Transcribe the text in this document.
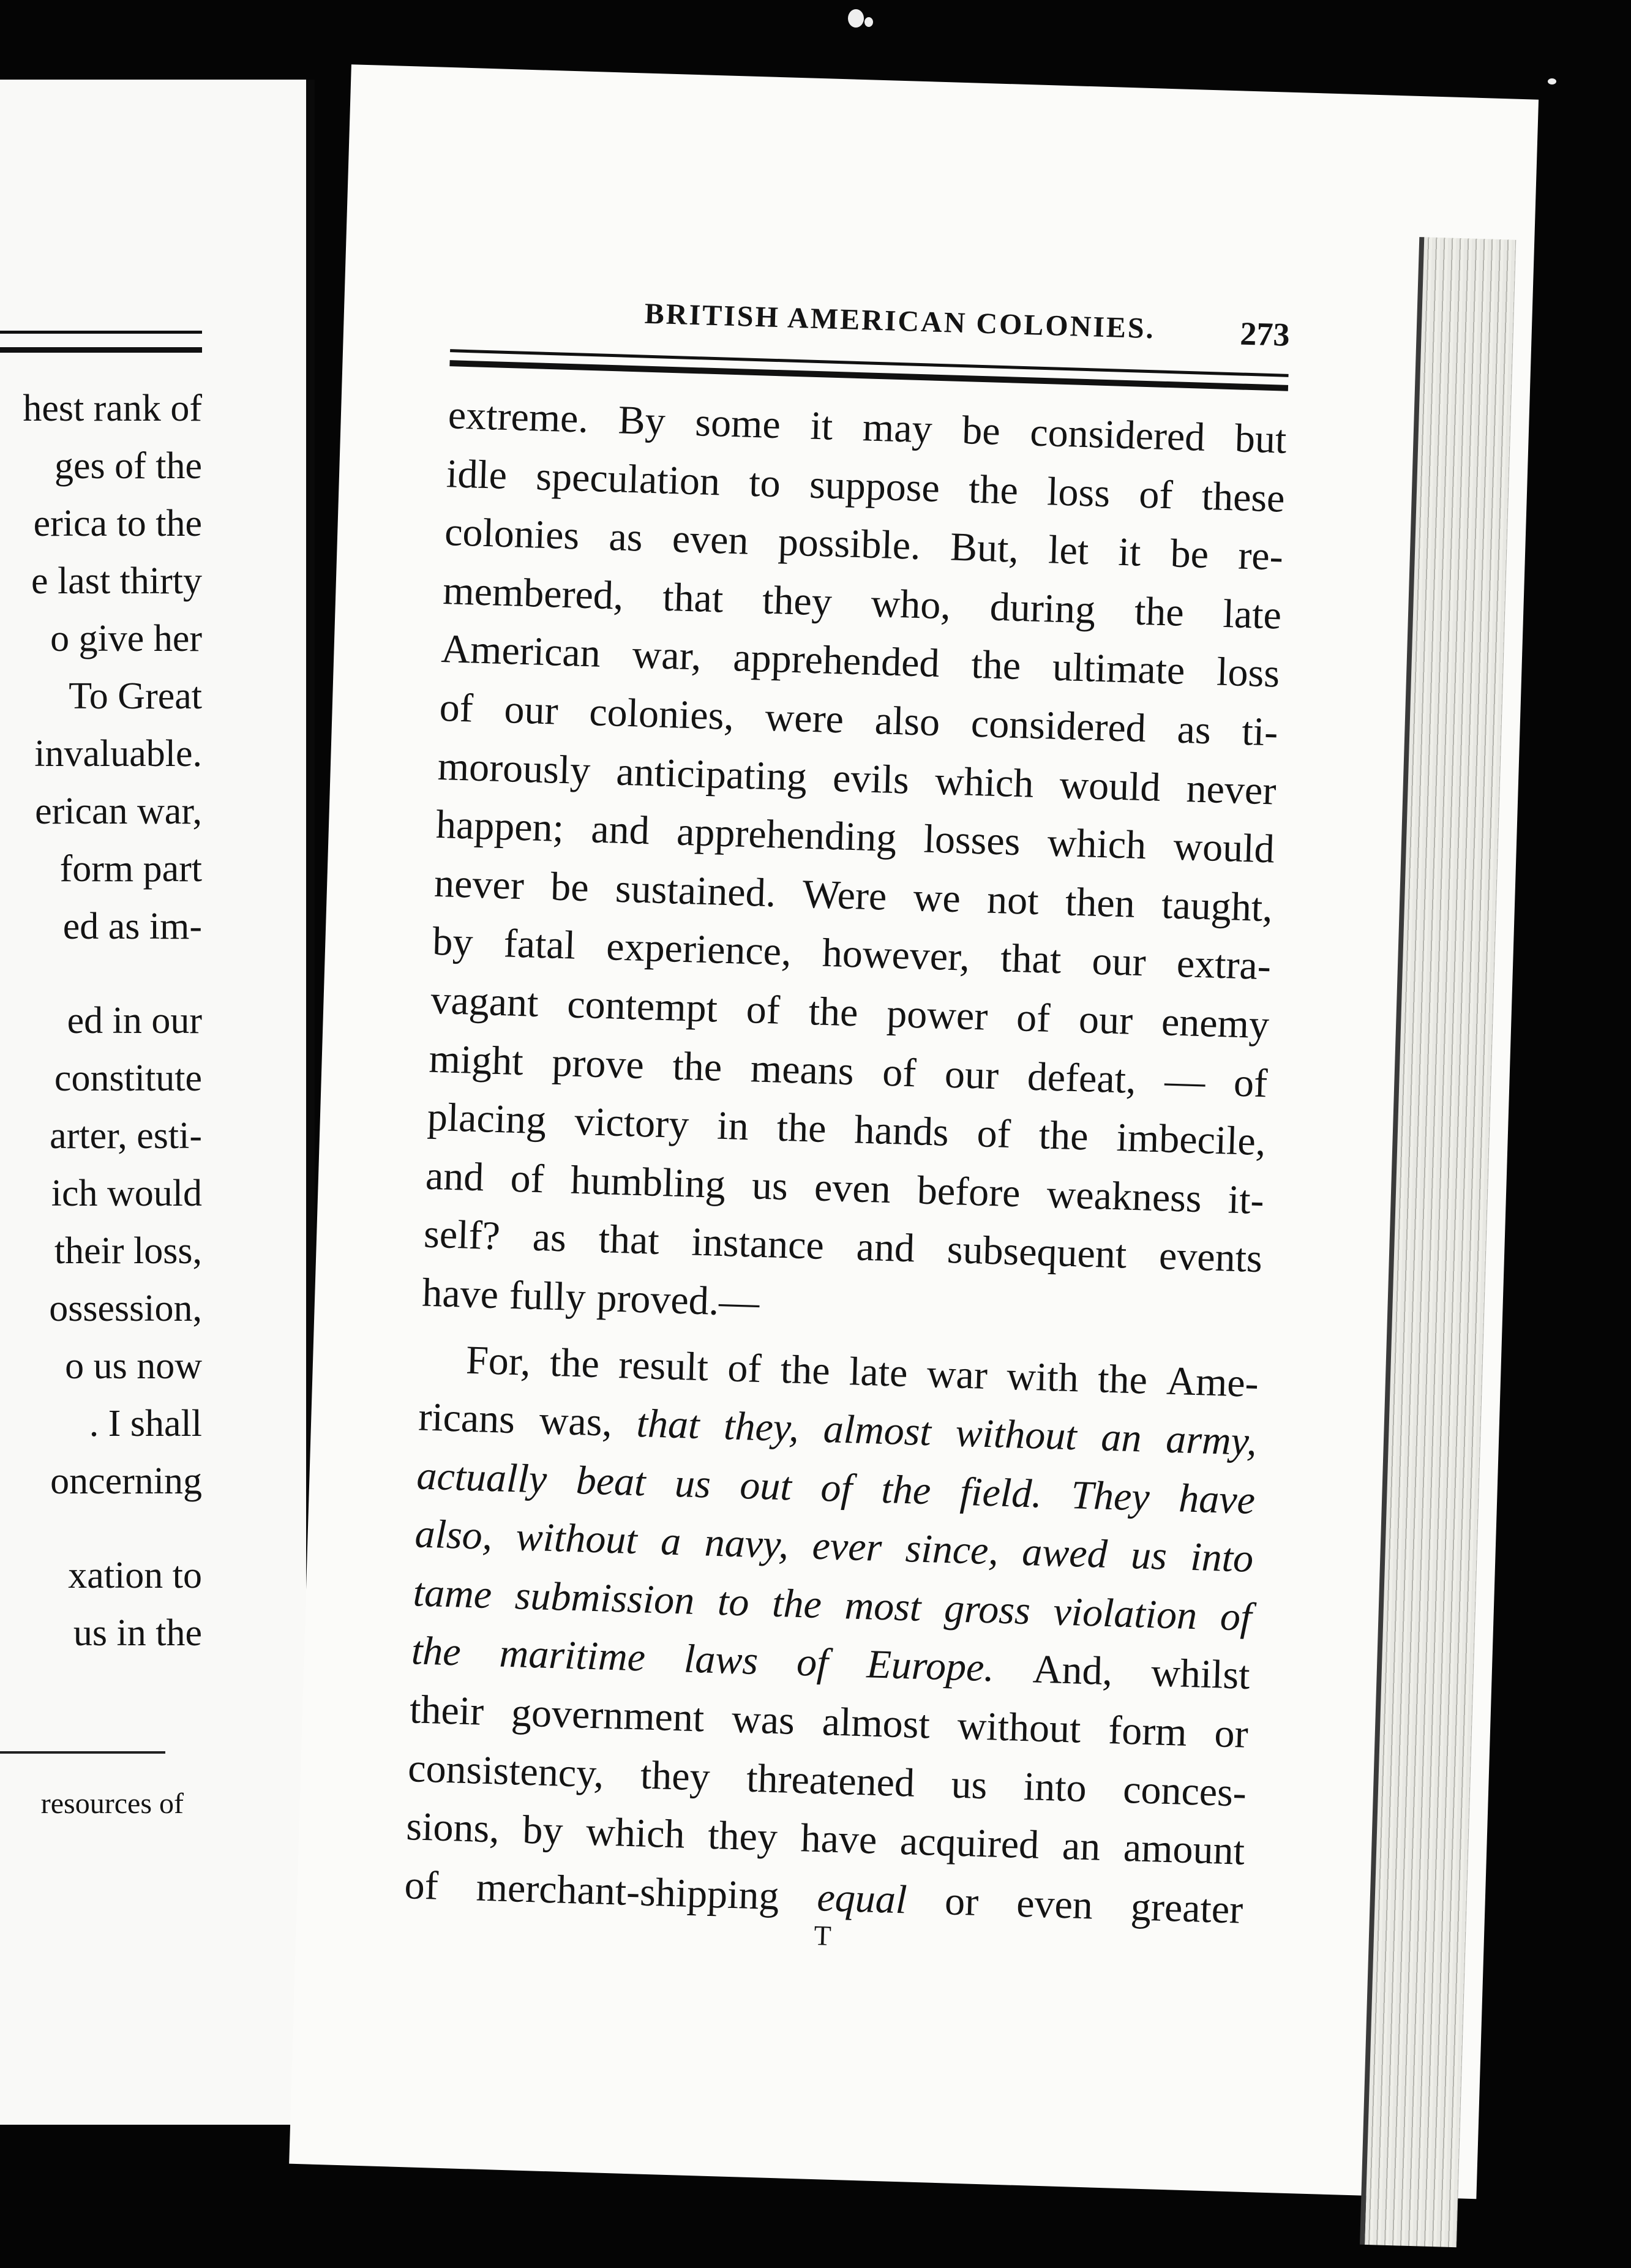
hest rank of
ges of the
erica to the
e last thirty
o give her
To Great
invaluable.
erican war,
form part
ed as im-
ed in our
constitute
arter, esti-
ich would
their loss,
ossession,
o us now
. I shall
oncerning
xation to
us in the
resources of
BRITISH AMERICAN COLONIES.	273
extreme. By some it may be considered but
idle speculation to suppose the loss of these
colonies as even possible. But, let it be re-
membered, that they who, during the late
American war, apprehended the ultimate loss
of our colonies, were also considered as ti-
morously anticipating evils which would never
happen; and apprehending losses which would
never be sustained. Were we not then taught,
by fatal experience, however, that our extra-
vagant contempt of the power of our enemy
might prove the means of our defeat, — of
placing victory in the hands of the imbecile,
and of humbling us even before weakness it-
self? as that instance and subsequent events
have fully proved.—
For, the result of the late war with the Ame-
ricans was, that they, almost without an army,
actually beat us out of the field. They have
also, without a navy, ever since, awed us into
tame submission to the most gross violation of
the maritime laws of Europe. And, whilst
their government was almost without form or
consistency, they threatened us into conces-
sions, by which they have acquired an amount
of merchant-shipping equal or even greater
T
